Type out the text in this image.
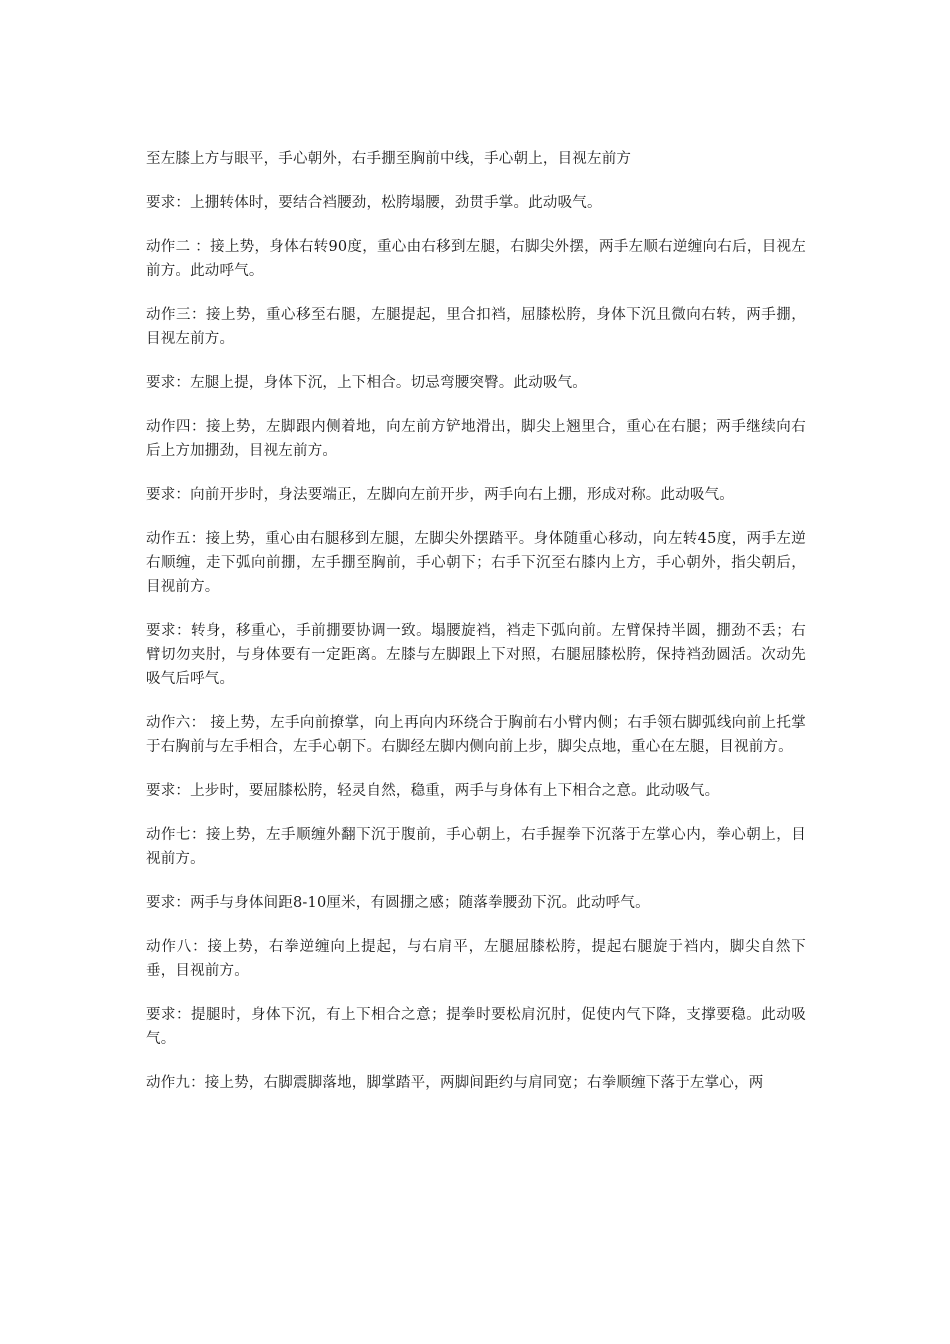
至左膝上方与眼平，手心朝外，右手掤至胸前中线，手心朝上，目视左前方

要求：上掤转体时，要结合裆腰劲，松胯塌腰，劲贯手掌。此动吸气。

动作二 ：接上势，身体右转90度，重心由右移到左腿，右脚尖外摆，两手左顺右逆缠向右后，目视左前方。此动呼气。

动作三：接上势，重心移至右腿，左腿提起，里合扣裆，屈膝松胯，身体下沉且微向右转，两手掤，目视左前方。

要求：左腿上提，身体下沉，上下相合。切忌弯腰突臀。此动吸气。

动作四：接上势，左脚跟内侧着地，向左前方铲地滑出，脚尖上翘里合，重心在右腿；两手继续向右后上方加掤劲，目视左前方。

要求：向前开步时，身法要端正，左脚向左前开步，两手向右上掤，形成对称。此动吸气。

动作五：接上势，重心由右腿移到左腿，左脚尖外摆踏平。身体随重心移动，向左转45度，两手左逆右顺缠，走下弧向前掤，左手掤至胸前，手心朝下；右手下沉至右膝内上方，手心朝外，指尖朝后，目视前方。

要求：转身，移重心，手前掤要协调一致。塌腰旋裆，裆走下弧向前。左臂保持半圆，掤劲不丢；右臂切勿夹肘，与身体要有一定距离。左膝与左脚跟上下对照，右腿屈膝松胯，保持裆劲圆活。次动先吸气后呼气。

动作六： 接上势，左手向前撩掌，向上再向内环绕合于胸前右小臂内侧；右手领右脚弧线向前上托掌于右胸前与左手相合，左手心朝下。右脚经左脚内侧向前上步，脚尖点地，重心在左腿，目视前方。

要求：上步时，要屈膝松胯，轻灵自然，稳重，两手与身体有上下相合之意。此动吸气。

动作七：接上势，左手顺缠外翻下沉于腹前，手心朝上，右手握拳下沉落于左掌心内，拳心朝上，目视前方。

要求：两手与身体间距8-10厘米，有圆掤之感；随落拳腰劲下沉。此动呼气。

动作八：接上势，右拳逆缠向上提起，与右肩平，左腿屈膝松胯，提起右腿旋于裆内，脚尖自然下垂，目视前方。

要求：提腿时，身体下沉，有上下相合之意；提拳时要松肩沉肘，促使内气下降，支撑要稳。此动吸气。

动作九：接上势，右脚震脚落地，脚掌踏平，两脚间距约与肩同宽；右拳顺缠下落于左掌心，两
